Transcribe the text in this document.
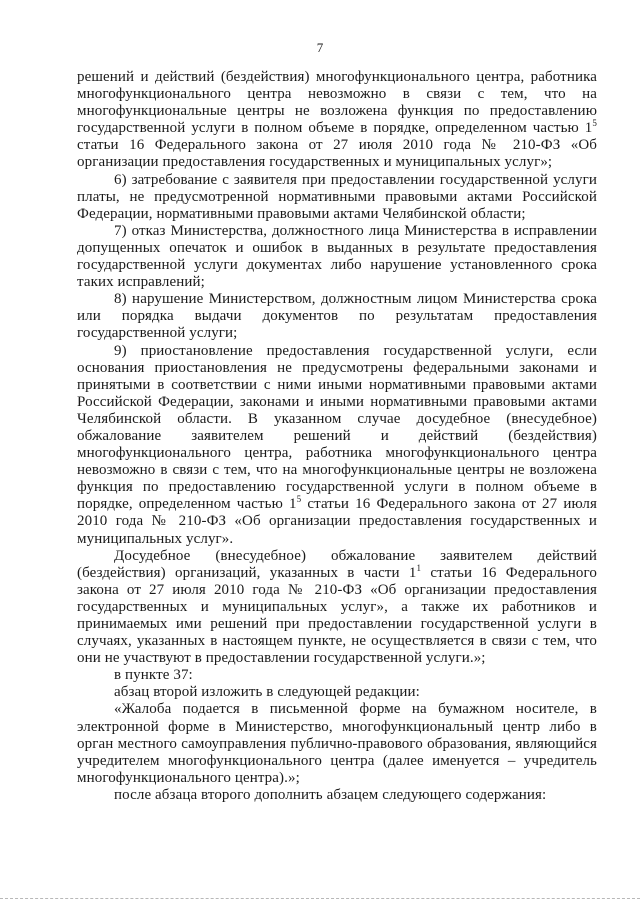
7

решений и действий (бездействия) многофункционального центра, работника многофункционального центра невозможно в связи с тем, что на многофункциональные центры не возложена функция по предоставлению государственной услуги в полном объеме в порядке, определенном частью $1^5$ статьи 16 Федерального закона от 27 июля 2010 года № 210-ФЗ «Об организации предоставления государственных и муниципальных услуг»;

6) затребование с заявителя при предоставлении государственной услуги платы, не предусмотренной нормативными правовыми актами Российской Федерации, нормативными правовыми актами Челябинской области;

7) отказ Министерства, должностного лица Министерства в исправлении допущенных опечаток и ошибок в выданных в результате предоставления государственной услуги документах либо нарушение установленного срока таких исправлений;

8) нарушение Министерством, должностным лицом Министерства срока или порядка выдачи документов по результатам предоставления государственной услуги;

9) приостановление предоставления государственной услуги, если основания приостановления не предусмотрены федеральными законами и принятыми в соответствии с ними иными нормативными правовыми актами Российской Федерации, законами и иными нормативными правовыми актами Челябинской области. В указанном случае досудебное (внесудебное) обжалование заявителем решений и действий (бездействия) многофункционального центра, работника многофункционального центра невозможно в связи с тем, что на многофункциональные центры не возложена функция по предоставлению государственной услуги в полном объеме в порядке, определенном частью $1^5$ статьи 16 Федерального закона от 27 июля 2010 года № 210-ФЗ «Об организации предоставления государственных и муниципальных услуг».

Досудебное (внесудебное) обжалование заявителем действий (бездействия) организаций, указанных в части $1^1$ статьи 16 Федерального закона от 27 июля 2010 года № 210-ФЗ «Об организации предоставления государственных и муниципальных услуг», а также их работников и принимаемых ими решений при предоставлении государственной услуги в случаях, указанных в настоящем пункте, не осуществляется в связи с тем, что они не участвуют в предоставлении государственной услуги.»;

в пункте 37:

абзац второй изложить в следующей редакции:

«Жалоба подается в письменной форме на бумажном носителе, в электронной форме в Министерство, многофункциональный центр либо в орган местного самоуправления публично-правового образования, являющийся учредителем многофункционального центра (далее именуется – учредитель многофункционального центра).»;

после абзаца второго дополнить абзацем следующего содержания:
